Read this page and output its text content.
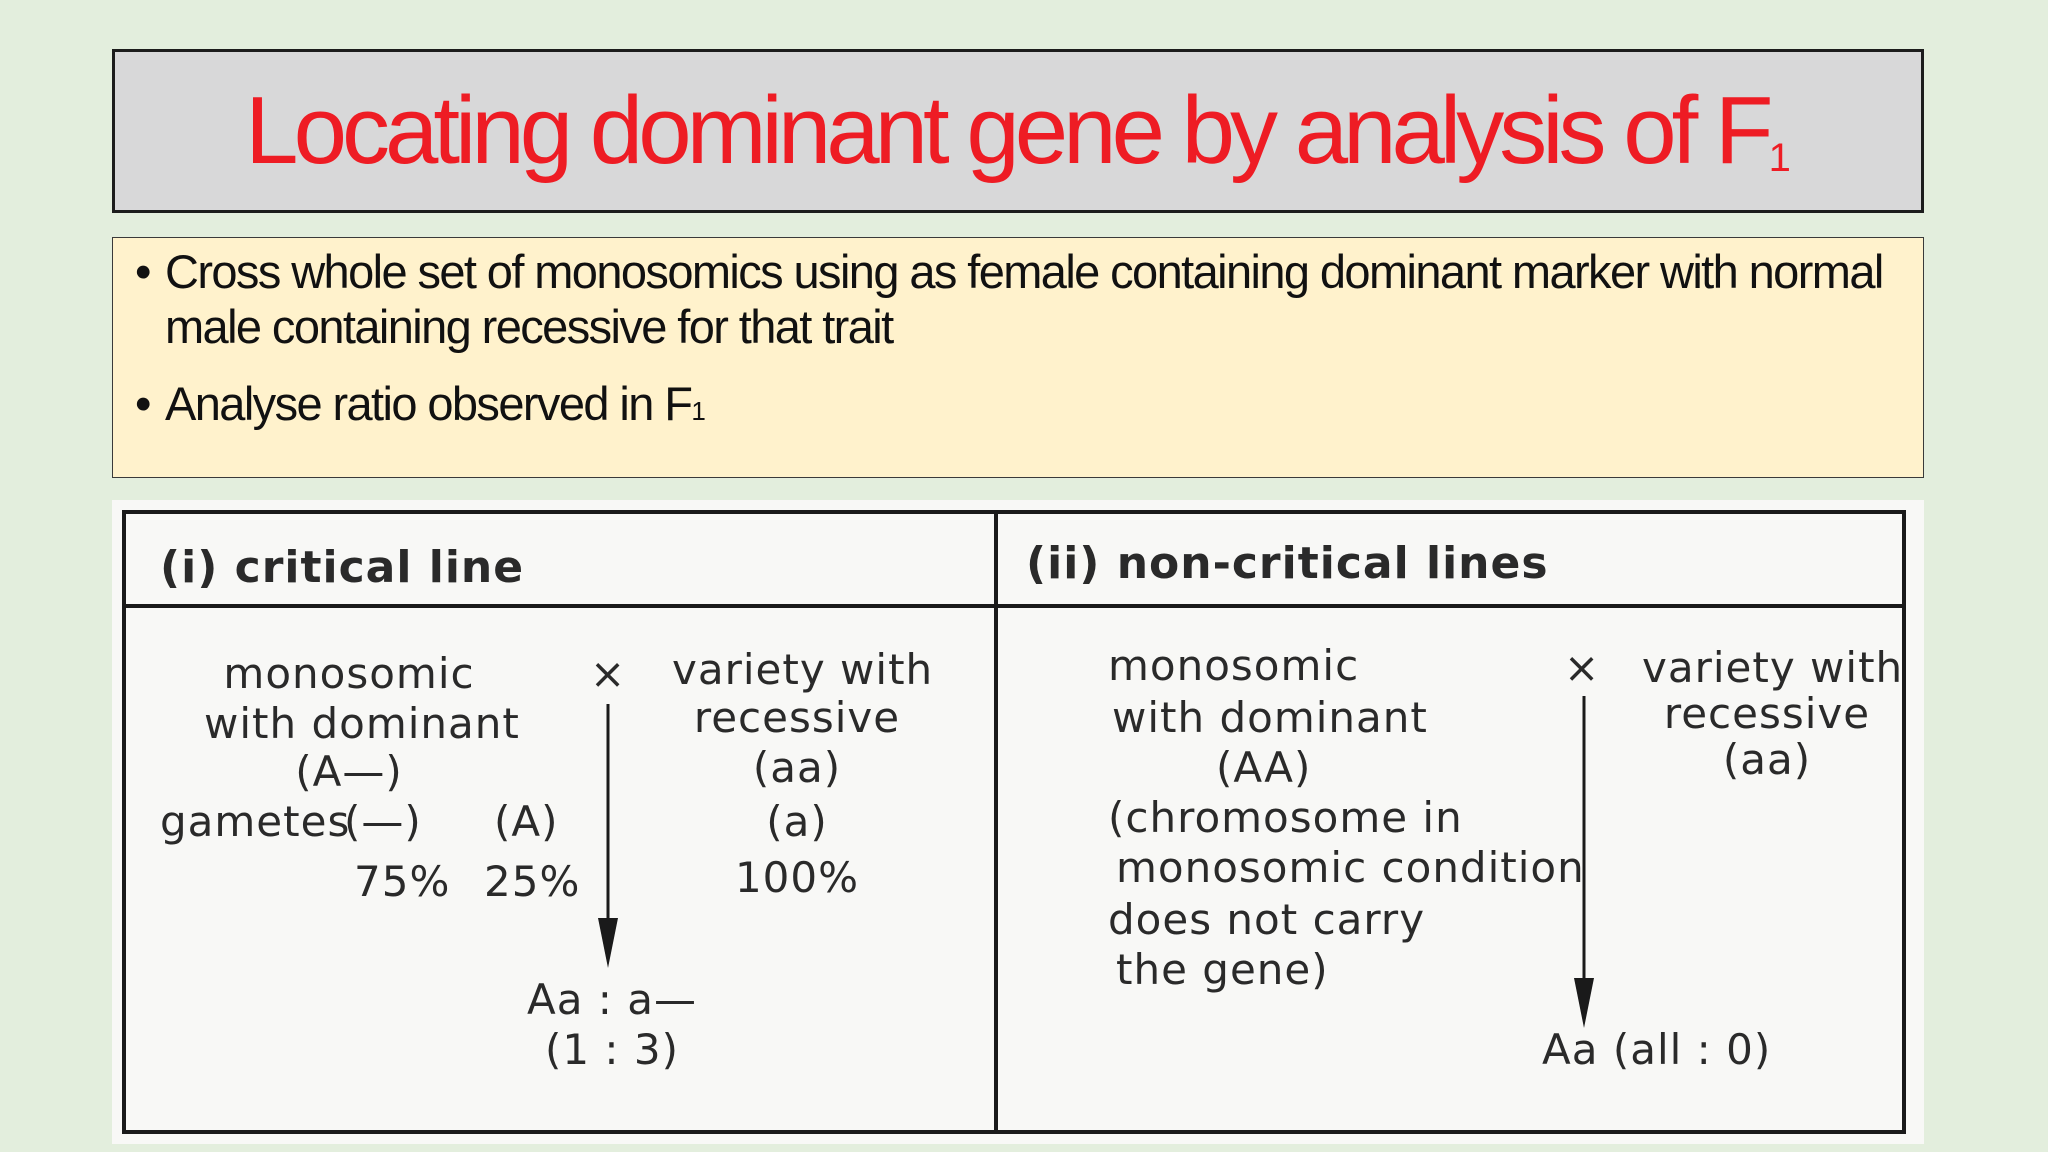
Locating dominant gene by analysis of F1
• Cross whole set of monosomics using as female containing dominant marker with normal male containing recessive for that trait
• Analyse ratio observed in F1
(i) critical line
monosomic
with dominant
(A—)
gametes
(—) (A)
75% 25%
× variety with
recessive
(aa)
(a)
100%
Aa : a—
(1 : 3)
(ii) non-critical lines
monosomic
with dominant
(AA)
(chromosome in
monosomic condition
does not carry
the gene)
× variety with
recessive
(aa)
Aa (all : 0)
